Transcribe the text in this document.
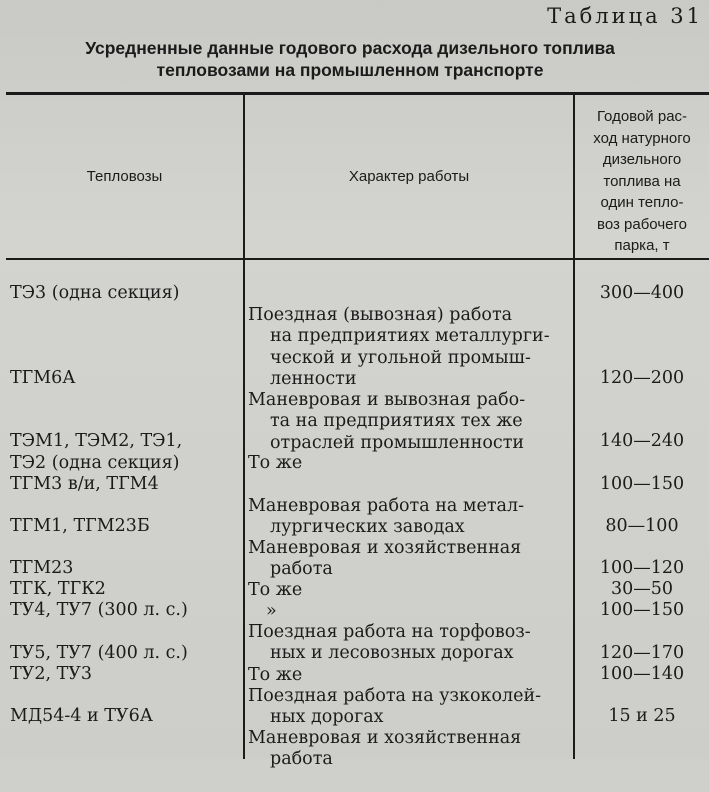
Таблица 31
Усредненные данные годового расхода дизельного топлива
тепловозами на промышленном транспорте
Тепловозы	Характер работы
Годовой рас-
ход натурного
дизельного
топлива на
один тепло-
воз рабочего
парка, т
ТЭ3 (одна секция)

Поездная (вывозная) работа

на предприятиях металлурги-
ческой и угольной промыш-
ленности

300—400
ТГМ6А

Маневровая и вывозная рабо-

та на предприятиях тех же
отраслей промышленности

120—200
ТЭМ1, ТЭМ2, ТЭ1,
ТЭ2 (одна секция)	То же

140—240
ТГМ3 в/и, ТГМ4

Маневровая работа на метал-

лургических заводах

100—150
ТГМ1, ТГМ23Б

Маневровая и хозяйственная

работа

80—100
ТГМ23

То же

100—120
ТГК, ТГК2

»

30—50
ТУ4, ТУ7 (300 л. с.)

Поездная работа на торфовоз-

ных и лесовозных дорогах

100—150
ТУ5, ТУ7 (400 л. с.)

То же

120—170
ТУ2, ТУ3

Поездная работа на узкоколей-

ных дорогах

100—140
МД54-4 и ТУ6А

Маневровая и хозяйственная

работа

15 и 25
